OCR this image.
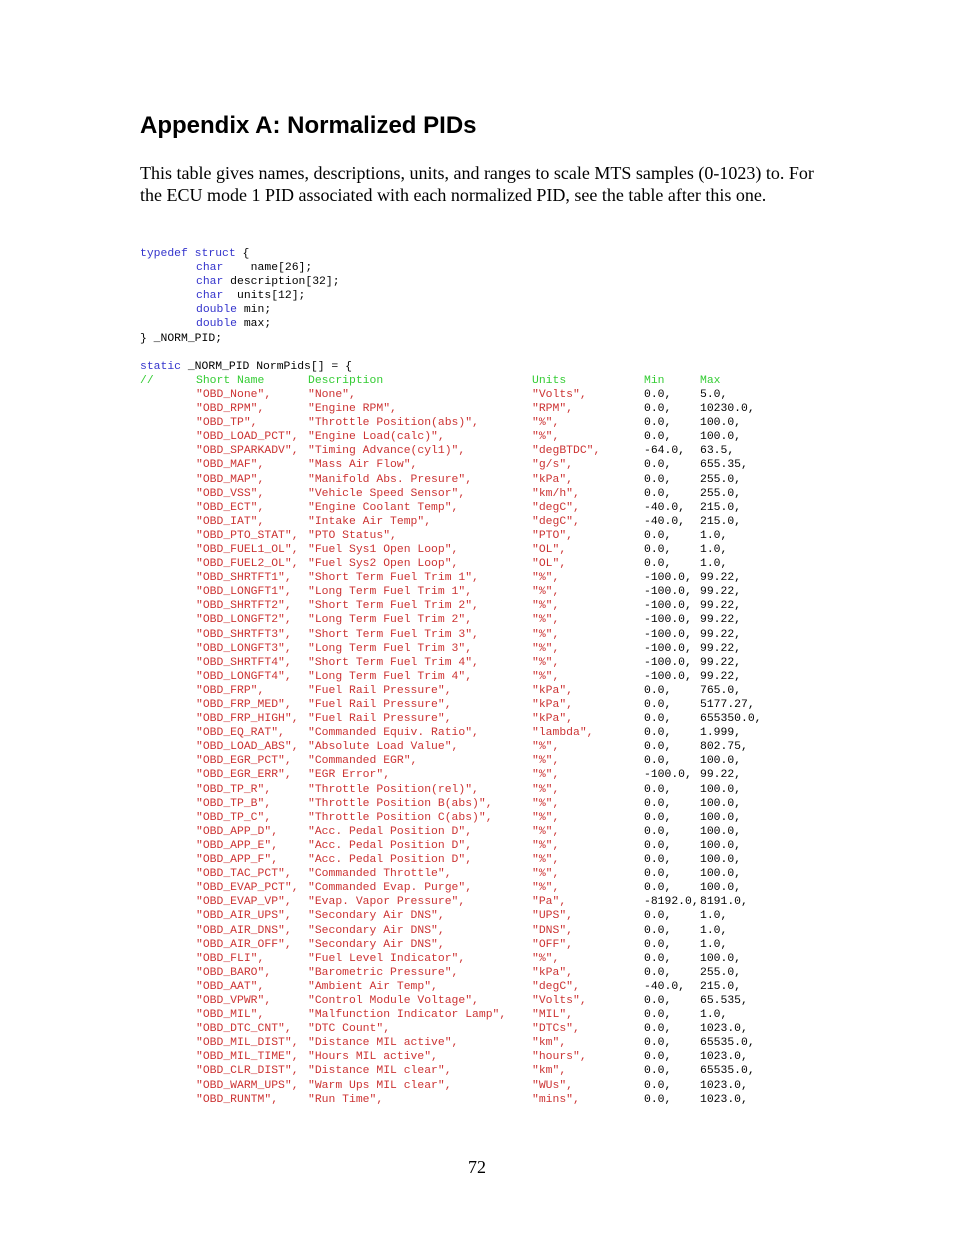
Appendix A: Normalized PIDs

This table gives names, descriptions, units, and ranges to scale MTS samples (0-1023) to. For the ECU mode 1 PID associated with each normalized PID, see the table after this one.

typedef struct {
char    name[26];
char description[32];
char  units[12];
double min;
double max;
} _NORM_PID;

static _NORM_PID NormPids[] = {
//	Short Name	Description	Units	Min	Max
"OBD_None",	"None",	"Volts",	0.0,	5.0,
"OBD_RPM",	"Engine RPM",	"RPM",	0.0,	10230.0,
"OBD_TP",	"Throttle Position(abs)",	"%",	0.0,	100.0,
"OBD_LOAD_PCT", "Engine Load(calc)",	"%",	0.0,	100.0,
"OBD_SPARKADV", "Timing Advance(cyl1)",	"degBTDC",	-64.0, 63.5,
"OBD_MAF",	"Mass Air Flow",	"g/s",	0.0,	655.35,
"OBD_MAP",	"Manifold Abs. Presure",	"kPa",	0.0,	255.0,
"OBD_VSS",	"Vehicle Speed Sensor",	"km/h",	0.0,	255.0,
"OBD_ECT",	"Engine Coolant Temp",	"degC",	-40.0, 215.0,
"OBD_IAT",	"Intake Air Temp",	"degC",	-40.0, 215.0,
"OBD_PTO_STAT", "PTO Status",	"PTO",	0.0,	1.0,
"OBD_FUEL1_OL", "Fuel Sys1 Open Loop",	"OL",	0.0,	1.0,
"OBD_FUEL2_OL", "Fuel Sys2 Open Loop",	"OL",	0.0,	1.0,
"OBD_SHRTFT1", "Short Term Fuel Trim 1",	"%",	-100.0, 99.22,
"OBD_LONGFT1", "Long Term Fuel Trim 1",	"%",	-100.0, 99.22,
"OBD_SHRTFT2", "Short Term Fuel Trim 2",	"%",	-100.0, 99.22,
"OBD_LONGFT2", "Long Term Fuel Trim 2",	"%",	-100.0, 99.22,
"OBD_SHRTFT3", "Short Term Fuel Trim 3",	"%",	-100.0, 99.22,
"OBD_LONGFT3", "Long Term Fuel Trim 3",	"%",	-100.0, 99.22,
"OBD_SHRTFT4", "Short Term Fuel Trim 4",	"%",	-100.0, 99.22,
"OBD_LONGFT4", "Long Term Fuel Trim 4",	"%",	-100.0, 99.22,
"OBD_FRP",	"Fuel Rail Pressure",	"kPa",	0.0,	765.0,
"OBD_FRP_MED", "Fuel Rail Pressure",	"kPa",	0.0,	5177.27,
"OBD_FRP_HIGH", "Fuel Rail Pressure",	"kPa",	0.0,	655350.0,
"OBD_EQ_RAT", "Commanded Equiv. Ratio",	"lambda",	0.0,	1.999,
"OBD_LOAD_ABS", "Absolute Load Value",	"%",	0.0,	802.75,
"OBD_EGR_PCT", "Commanded EGR",	"%",	0.0,	100.0,
"OBD_EGR_ERR", "EGR Error",	"%",	-100.0, 99.22,
"OBD_TP_R",	"Throttle Position(rel)",	"%",	0.0,	100.0,
"OBD_TP_B",	"Throttle Position B(abs)",	"%",	0.0,	100.0,
"OBD_TP_C",	"Throttle Position C(abs)",	"%",	0.0,	100.0,
"OBD_APP_D",	"Acc. Pedal Position D",	"%",	0.0,	100.0,
"OBD_APP_E",	"Acc. Pedal Position D",	"%",	0.0,	100.0,
"OBD_APP_F",	"Acc. Pedal Position D",	"%",	0.0,	100.0,
"OBD_TAC_PCT", "Commanded Throttle",	"%",	0.0,	100.0,
"OBD_EVAP_PCT", "Commanded Evap. Purge",	"%",	0.0,	100.0,
"OBD_EVAP_VP", "Evap. Vapor Pressure",	"Pa",	-8192.0,8191.0,
"OBD_AIR_UPS", "Secondary Air DNS",	"UPS",	0.0,	1.0,
"OBD_AIR_DNS", "Secondary Air DNS",	"DNS",	0.0,	1.0,
"OBD_AIR_OFF", "Secondary Air DNS",	"OFF",	0.0,	1.0,
"OBD_FLI",	"Fuel Level Indicator",	"%",	0.0,	100.0,
"OBD_BARO",	"Barometric Pressure",	"kPa",	0.0,	255.0,
"OBD_AAT",	"Ambient Air Temp",	"degC",	-40.0, 215.0,
"OBD_VPWR",	"Control Module Voltage",	"Volts",	0.0,	65.535,
"OBD_MIL",	"Malfunction Indicator Lamp", "MIL",	0.0,	1.0,
"OBD_DTC_CNT", "DTC Count",	"DTCs",	0.0,	1023.0,
"OBD_MIL_DIST", "Distance MIL active",	"km",	0.0,	65535.0,
"OBD_MIL_TIME", "Hours MIL active",	"hours",	0.0,	1023.0,
"OBD_CLR_DIST", "Distance MIL clear",	"km",	0.0,	65535.0,
"OBD_WARM_UPS", "Warm Ups MIL clear",	"WUs",	0.0,	1023.0,
"OBD_RUNTM",	"Run Time",	"mins",	0.0,	1023.0,
72
